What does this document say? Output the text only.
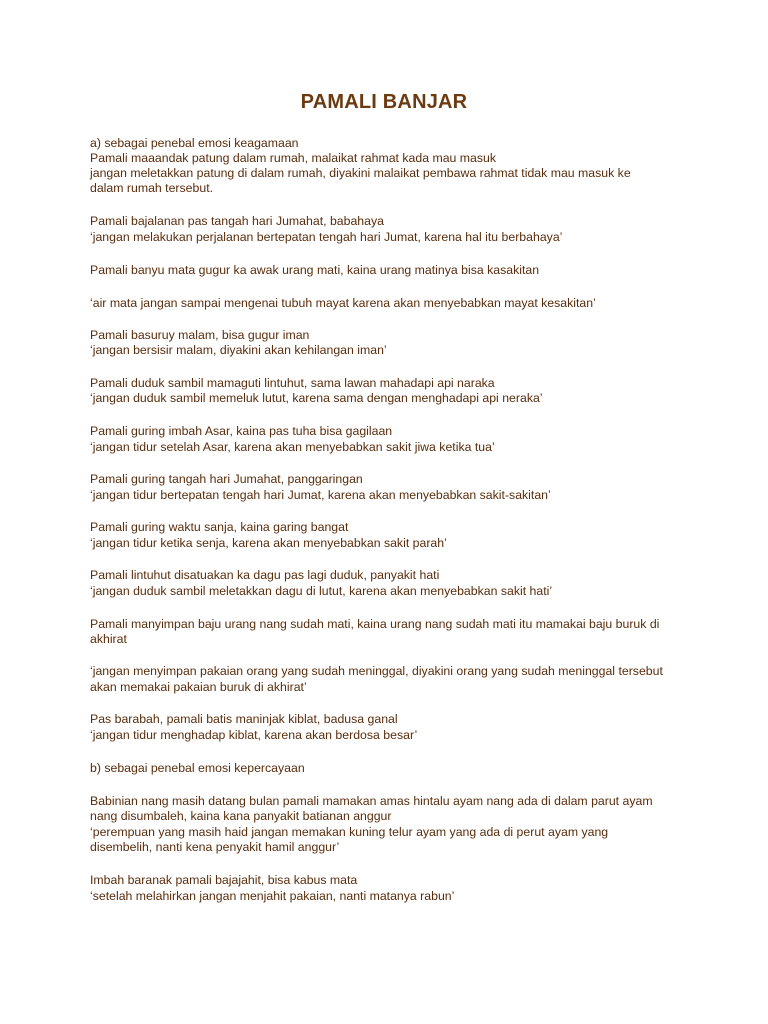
PAMALI BANJAR
a) sebagai penebal emosi keagamaan
Pamali maaandak patung dalam rumah, malaikat rahmat kada mau masuk
jangan meletakkan patung di dalam rumah, diyakini malaikat pembawa rahmat tidak mau masuk ke
dalam rumah tersebut.
Pamali bajalanan pas tangah hari Jumahat, babahaya
‘jangan melakukan perjalanan bertepatan tengah hari Jumat, karena hal itu berbahaya’
Pamali banyu mata gugur ka awak urang mati, kaina urang matinya bisa kasakitan
‘air mata jangan sampai mengenai tubuh mayat karena akan menyebabkan mayat kesakitan’
Pamali basuruy malam, bisa gugur iman
‘jangan bersisir malam, diyakini akan kehilangan iman’
Pamali duduk sambil mamaguti lintuhut, sama lawan mahadapi api naraka
‘jangan duduk sambil memeluk lutut, karena sama dengan menghadapi api neraka’
Pamali guring imbah Asar, kaina pas tuha bisa gagilaan
‘jangan tidur setelah Asar, karena akan menyebabkan sakit jiwa ketika tua’
Pamali guring tangah hari Jumahat, panggaringan
‘jangan tidur bertepatan tengah hari Jumat, karena akan menyebabkan sakit-sakitan’
Pamali guring waktu sanja, kaina garing bangat
‘jangan tidur ketika senja, karena akan menyebabkan sakit parah’
Pamali lintuhut disatuakan ka dagu pas lagi duduk, panyakit hati
‘jangan duduk sambil meletakkan dagu di lutut, karena akan menyebabkan sakit hati’
Pamali manyimpan baju urang nang sudah mati, kaina urang nang sudah mati itu mamakai baju buruk di
akhirat
‘jangan menyimpan pakaian orang yang sudah meninggal, diyakini orang yang sudah meninggal tersebut
akan memakai pakaian buruk di akhirat’
Pas barabah, pamali batis maninjak kiblat, badusa ganal
‘jangan tidur menghadap kiblat, karena akan berdosa besar’
b) sebagai penebal emosi kepercayaan
Babinian nang masih datang bulan pamali mamakan amas hintalu ayam nang ada di dalam parut ayam
nang disumbaleh, kaina kana panyakit batianan anggur
‘perempuan yang masih haid jangan memakan kuning telur ayam yang ada di perut ayam yang
disembelih, nanti kena penyakit hamil anggur’
Imbah baranak pamali bajajahit, bisa kabus mata
‘setelah melahirkan jangan menjahit pakaian, nanti matanya rabun’
